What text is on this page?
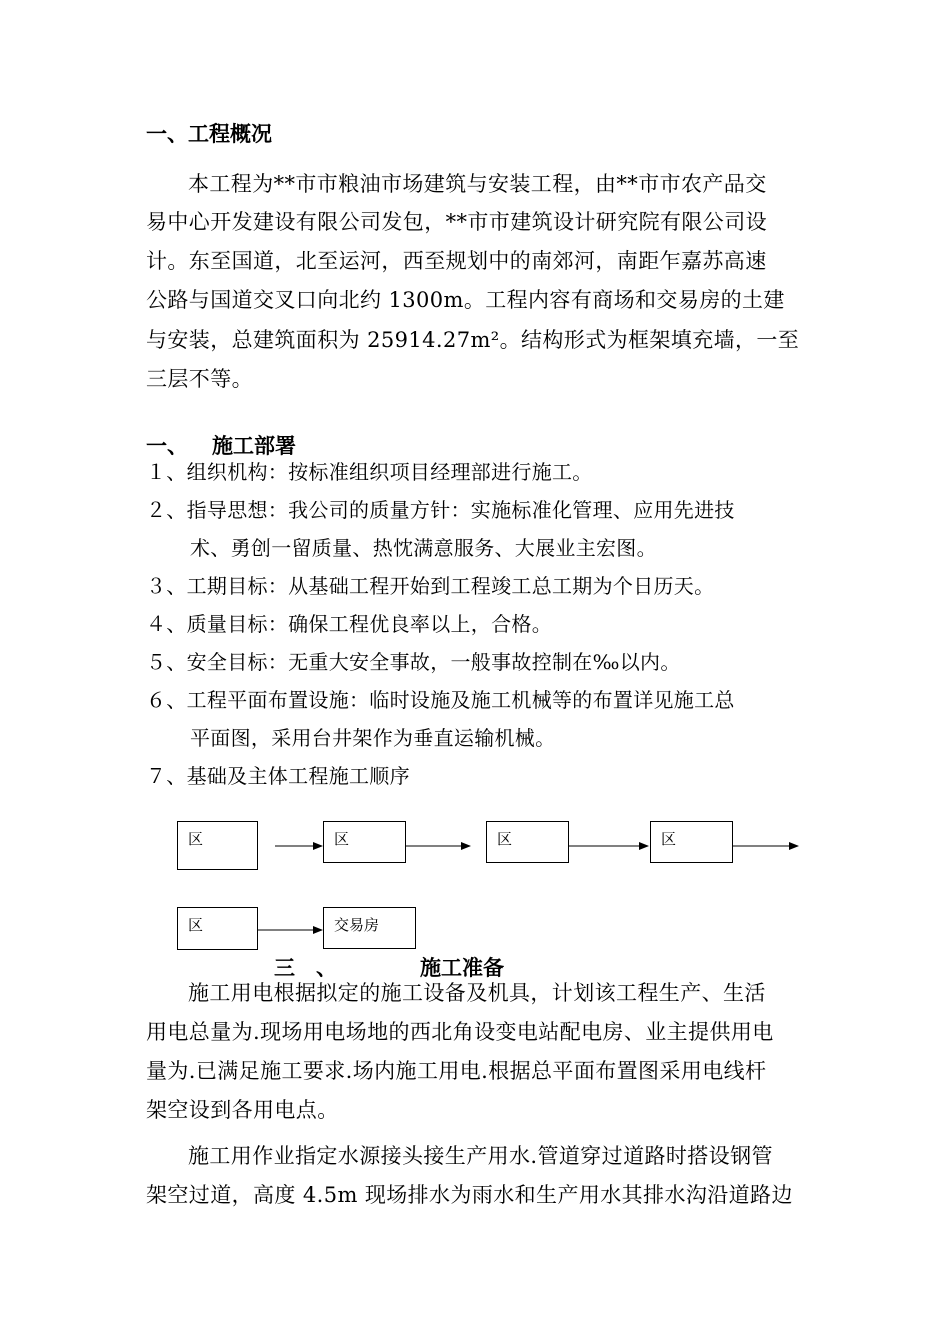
一、工程概况
本工程为**市市粮油市场建筑与安装工程，由**市市农产品交
易中心开发建设有限公司发包，**市市建筑设计研究院有限公司设
计。东至国道，北至运河，西至规划中的南郊河，南距乍嘉苏高速
公路与国道交叉口向北约 1300m。工程内容有商场和交易房的土建
与安装，总建筑面积为 25914.27m²。结构形式为框架填充墙，一至
三层不等。
一、 施工部署
１、组织机构：按标准组织项目经理部进行施工。
２、指导思想：我公司的质量方针：实施标准化管理、应用先进技
术、勇创一留质量、热忱满意服务、大展业主宏图。
３、工期目标：从基础工程开始到工程竣工总工期为个日历天。
４、质量目标：确保工程优良率以上，合格。
５、安全目标：无重大安全事故，一般事故控制在‰以内。
６、工程平面布置设施：临时设施及施工机械等的布置详见施工总
平面图，采用台井架作为垂直运输机械。
７、基础及主体工程施工顺序
区	区	区	区
区	交易房
三　、	施工准备
施工用电根据拟定的施工设备及机具，计划该工程生产、生活
用电总量为.现场用电场地的西北角设变电站配电房、业主提供用电
量为.已满足施工要求.场内施工用电.根据总平面布置图采用电线杆
架空设到各用电点。
施工用作业指定水源接头接生产用水.管道穿过道路时搭设钢管
架空过道，高度 4.5m 现场排水为雨水和生产用水其排水沟沿道路边
